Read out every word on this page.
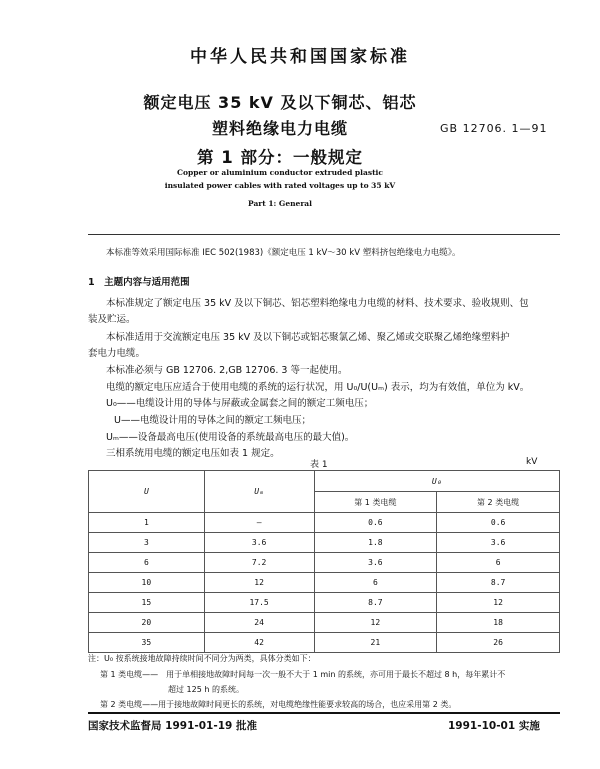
中华人民共和国国家标准
额定电压 35 kV 及以下铜芯、铝芯
塑料绝缘电力电缆
第 1 部分：一般规定
GB 12706. 1—91
Copper or aluminium conductor extruded plastic
insulated power cables with rated voltages up to 35 kV
Part 1: General
本标准等效采用国际标准 IEC 502(1983)《额定电压 1 kV～30 kV 塑料挤包绝缘电力电缆》。
1　主题内容与适用范围
本标准规定了额定电压 35 kV 及以下铜芯、铝芯塑料绝缘电力电缆的材料、技术要求、验收规则、包
装及贮运。
本标准适用于交流额定电压 35 kV 及以下铜芯或铝芯聚氯乙烯、聚乙烯或交联聚乙烯绝缘塑料护
套电力电缆。
本标准必须与 GB 12706. 2,GB 12706. 3 等一起使用。
电缆的额定电压应适合于使用电缆的系统的运行状况，用 U₀/U(Uₘ) 表示，均为有效值，单位为 kV。
U₀——电缆设计用的导体与屏蔽或金属套之间的额定工频电压；
U——电缆设计用的导体之间的额定工频电压；
Uₘ——设备最高电压(使用设备的系统最高电压的最大值)。
三相系统用电缆的额定电压如表 1 规定。
表 1	kV
U	Uₘ	U₀	
		第 1 类电缆	第 2 类电缆
1	—	0.6	0.6
3	3.6	1.8	3.6
6	7.2	3.6	6
10	12	6	8.7
15	17.5	8.7	12
20	24	12	18
35	42	21	26
注：U₀ 按系统接地故障持续时间不同分为两类，具体分类如下：
第 1 类电缆——　用于单相接地故障时间每一次一般不大于 1 min 的系统，亦可用于最长不超过 8 h，每年累计不
超过 125 h 的系统。
第 2 类电缆——用于接地故障时间更长的系统，对电缆绝缘性能要求较高的场合，也应采用第 2 类。
国家技术监督局 1991-01-19 批准	1991-10-01 实施
